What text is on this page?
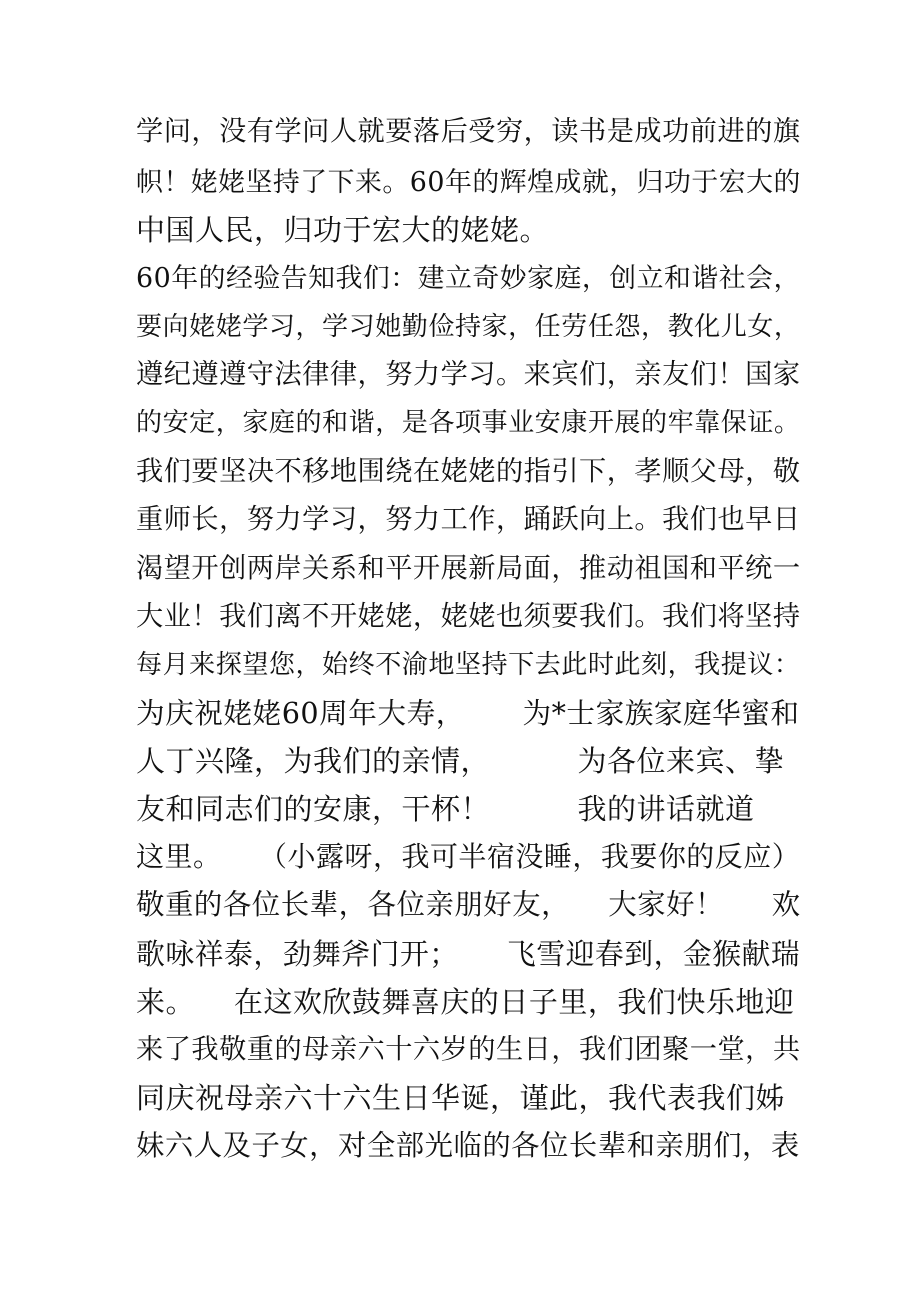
学问，没有学问人就要落后受穷，读书是成功前进的旗
帜！姥姥坚持了下来。60年的辉煌成就，归功于宏大的
中国人民，归功于宏大的姥姥。
60年的经验告知我们：建立奇妙家庭，创立和谐社会，
要向姥姥学习，学习她勤俭持家，任劳任怨，教化儿女，
遵纪遵遵守法律律，努力学习。来宾们，亲友们！国家
的安定，家庭的和谐，是各项事业安康开展的牢靠保证。
我们要坚决不移地围绕在姥姥的指引下，孝顺父母，敬
重师长，努力学习，努力工作，踊跃向上。我们也早日
渴望开创两岸关系和平开展新局面，推动祖国和平统一
大业！我们离不开姥姥，姥姥也须要我们。我们将坚持
每月来探望您，始终不渝地坚持下去此时此刻，我提议：
为庆祝姥姥60周年大寿，      为*士家族家庭华蜜和
人丁兴隆，为我们的亲情，         为各位来宾、挚
友和同志们的安康，干杯！         我的讲话就道
这里。    （小露呀，我可半宿没睡，我要你的反应）
敬重的各位长辈，各位亲朋好友，    大家好！     欢
歌咏祥泰，劲舞斧门开；     飞雪迎春到，金猴献瑞
来。    在这欢欣鼓舞喜庆的日子里，我们快乐地迎
来了我敬重的母亲六十六岁的生日，我们团聚一堂，共
同庆祝母亲六十六生日华诞，谨此，我代表我们姊
妹六人及子女，对全部光临的各位长辈和亲朋们，表
